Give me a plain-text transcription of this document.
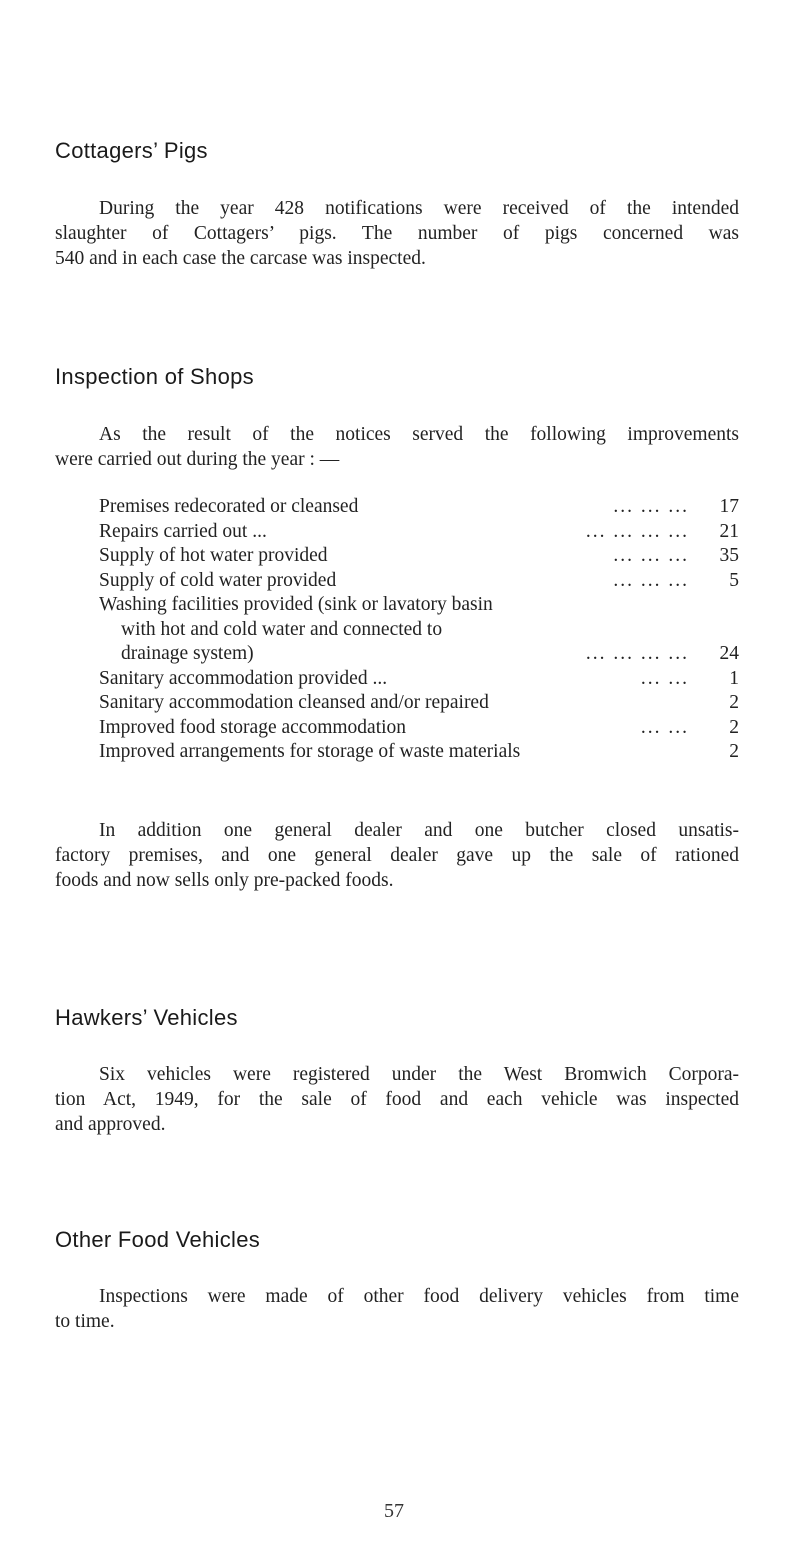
Cottagers’ Pigs

During the year 428 notifications were received of the intended
slaughter of Cottagers’ pigs. The number of pigs concerned was
540 and in each case the carcase was inspected.

Inspection of Shops

As the result of the notices served the following improvements
were carried out during the year : —

Premises redecorated or cleansed	... ... ...	17
Repairs carried out ...	... ... ... ...	21
Supply of hot water provided	... ... ...	35
Supply of cold water provided	... ... ...	5
Washing facilities provided (sink or lavatory basin
with hot and cold water and connected to
drainage system)	... ... ... ...	24
Sanitary accommodation provided ...	... ...	1
Sanitary accommodation cleansed and/or repaired	2
Improved food storage accommodation	... ...	2
Improved arrangements for storage of waste materials	2

In addition one general dealer and one butcher closed unsatis-
factory premises, and one general dealer gave up the sale of rationed
foods and now sells only pre-packed foods.

Hawkers’ Vehicles

Six vehicles were registered under the West Bromwich Corpora-
tion Act, 1949, for the sale of food and each vehicle was inspected
and approved.

Other Food Vehicles

Inspections were made of other food delivery vehicles from time
to time.

57
